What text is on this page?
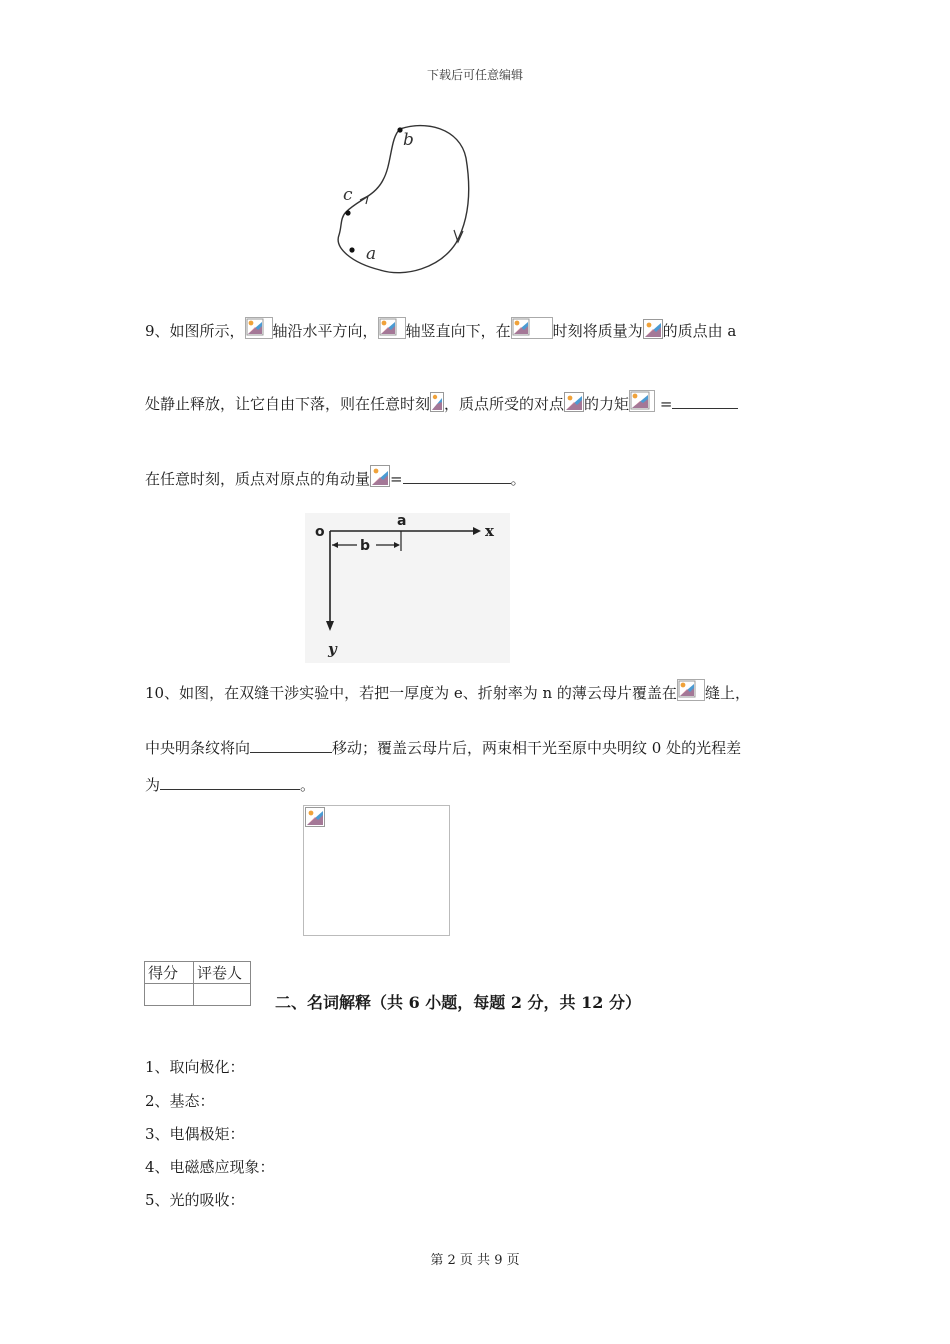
下载后可任意编辑
b
c
a
9、如图所示， 轴沿水平方向， 轴竖直向下，在	时刻将质量为 的质点由 a
处静止释放，让它自由下落，则在任意时刻 ，质点所受的对点 的力矩
=
在任意时刻，质点对原点的角动量 =	。
o
a
x
b
y
10、如图，在双缝干涉实验中，若把一厚度为 e、折射率为 n 的薄云母片覆盖在 缝上，
中央明条纹将向	移动；覆盖云母片后，两束相干光至原中央明纹 0 处的光程差
为	。
得分	评卷人

二、名词解释（共 6 小题，每题 2 分，共 12 分）
1、取向极化：
2、基态：
3、电偶极矩：
4、电磁感应现象：
5、光的吸收：
第 2 页 共 9 页
